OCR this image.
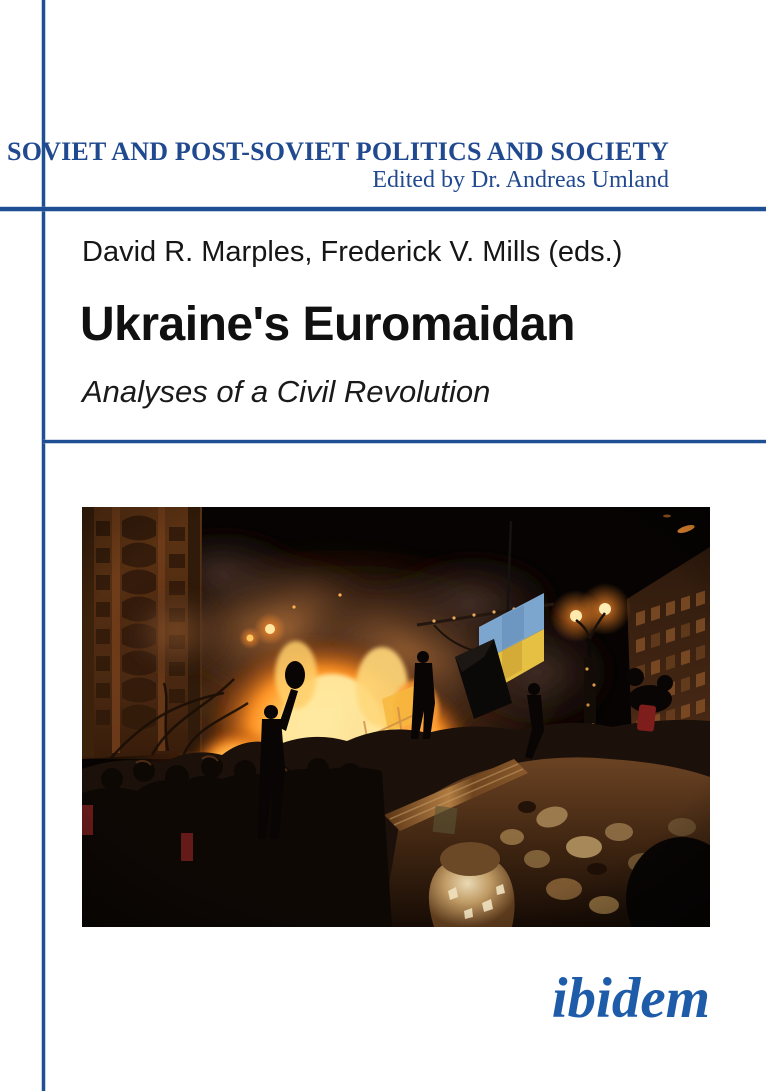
SOVIET AND POST-SOVIET POLITICS AND SOCIETY
Edited by Dr. Andreas Umland
David R. Marples, Frederick V. Mills (eds.)
Ukraine's Euromaidan
Analyses of a Civil Revolution
ibidem
